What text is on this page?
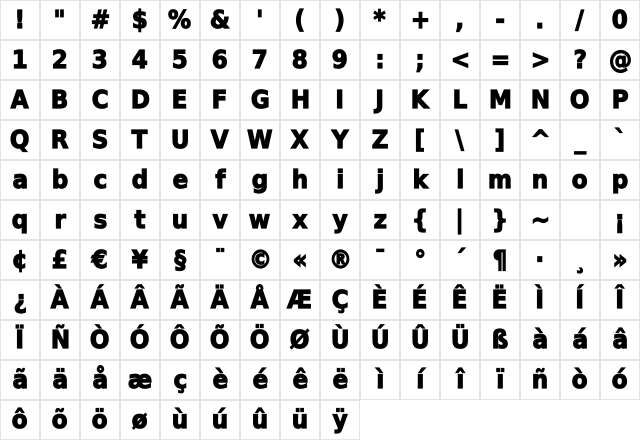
!	" # $ % &	'	(	)	* +	,	-	.	/	0
1 2 3 4 5 6 7 8 9	:	;	< = > ? @
A B C D E F G H	I	J	K L M N O P
Q R S T U V W X Y Z	[	\	]	^ _	`
a b c d e	f	g h	i	j	k	l m n o p
q	r	s	t	u v w x	y	z	{	|	} ~	¡
¢ £ € ¥	§	¨ © « ® ¯	°	´	¶	·	¸	»
¿ À Á Â Ã Ä Å Æ Ç È É Ê Ë	Ì	Í	Î
Ï	Ñ Ò Ó Ô Õ Ö Ø Ù Ú Û Ü ß à á â
ã ä å æ ç	è é ê ë	ì	í	î	ï	ñ ò ó
ô õ ö ø ù ú û ü ÿ
